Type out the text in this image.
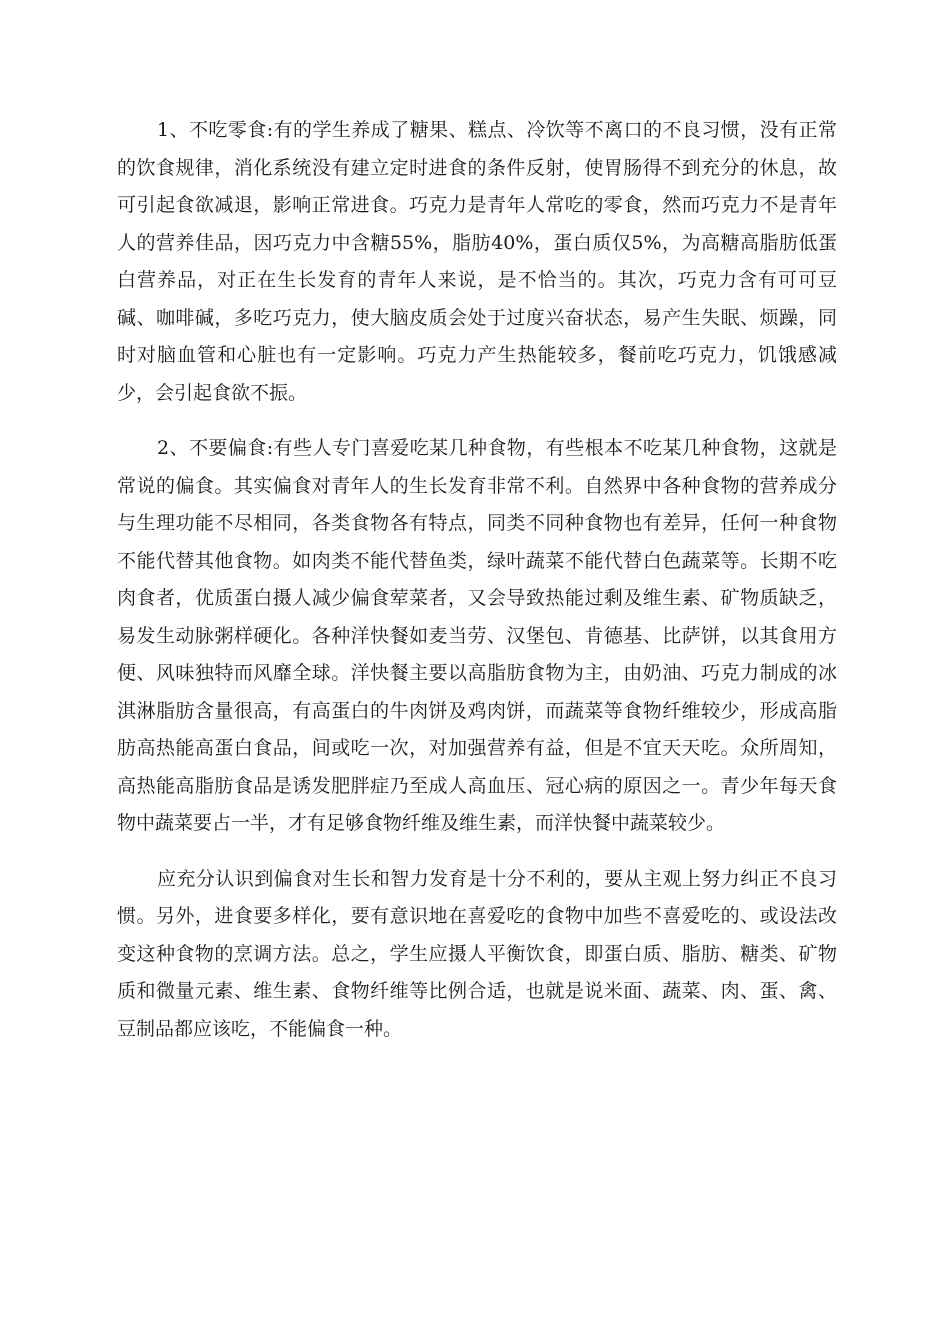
1、不吃零食:有的学生养成了糖果、糕点、冷饮等不离口的不良习惯，没有正常的饮食规律，消化系统没有建立定时进食的条件反射，使胃肠得不到充分的休息，故可引起食欲减退，影响正常进食。巧克力是青年人常吃的零食，然而巧克力不是青年人的营养佳品，因巧克力中含糖55%，脂肪40%，蛋白质仅5%，为高糖高脂肪低蛋白营养品，对正在生长发育的青年人来说，是不恰当的。其次，巧克力含有可可豆碱、咖啡碱，多吃巧克力，使大脑皮质会处于过度兴奋状态，易产生失眠、烦躁，同时对脑血管和心脏也有一定影响。巧克力产生热能较多，餐前吃巧克力，饥饿感减少，会引起食欲不振。

2、不要偏食:有些人专门喜爱吃某几种食物，有些根本不吃某几种食物，这就是常说的偏食。其实偏食对青年人的生长发育非常不利。自然界中各种食物的营养成分与生理功能不尽相同，各类食物各有特点，同类不同种食物也有差异，任何一种食物不能代替其他食物。如肉类不能代替鱼类，绿叶蔬菜不能代替白色蔬菜等。长期不吃肉食者，优质蛋白摄人减少偏食荤菜者，又会导致热能过剩及维生素、矿物质缺乏，易发生动脉粥样硬化。各种洋快餐如麦当劳、汉堡包、肯德基、比萨饼，以其食用方便、风味独特而风靡全球。洋快餐主要以高脂肪食物为主，由奶油、巧克力制成的冰淇淋脂肪含量很高，有高蛋白的牛肉饼及鸡肉饼，而蔬菜等食物纤维较少，形成高脂肪高热能高蛋白食品，间或吃一次，对加强营养有益，但是不宜天天吃。众所周知，高热能高脂肪食品是诱发肥胖症乃至成人高血压、冠心病的原因之一。青少年每天食物中蔬菜要占一半，才有足够食物纤维及维生素，而洋快餐中蔬菜较少。

应充分认识到偏食对生长和智力发育是十分不利的，要从主观上努力纠正不良习惯。另外，进食要多样化，要有意识地在喜爱吃的食物中加些不喜爱吃的、或设法改变这种食物的烹调方法。总之，学生应摄人平衡饮食，即蛋白质、脂肪、糖类、矿物质和微量元素、维生素、食物纤维等比例合适，也就是说米面、蔬菜、肉、蛋、禽、豆制品都应该吃，不能偏食一种。
